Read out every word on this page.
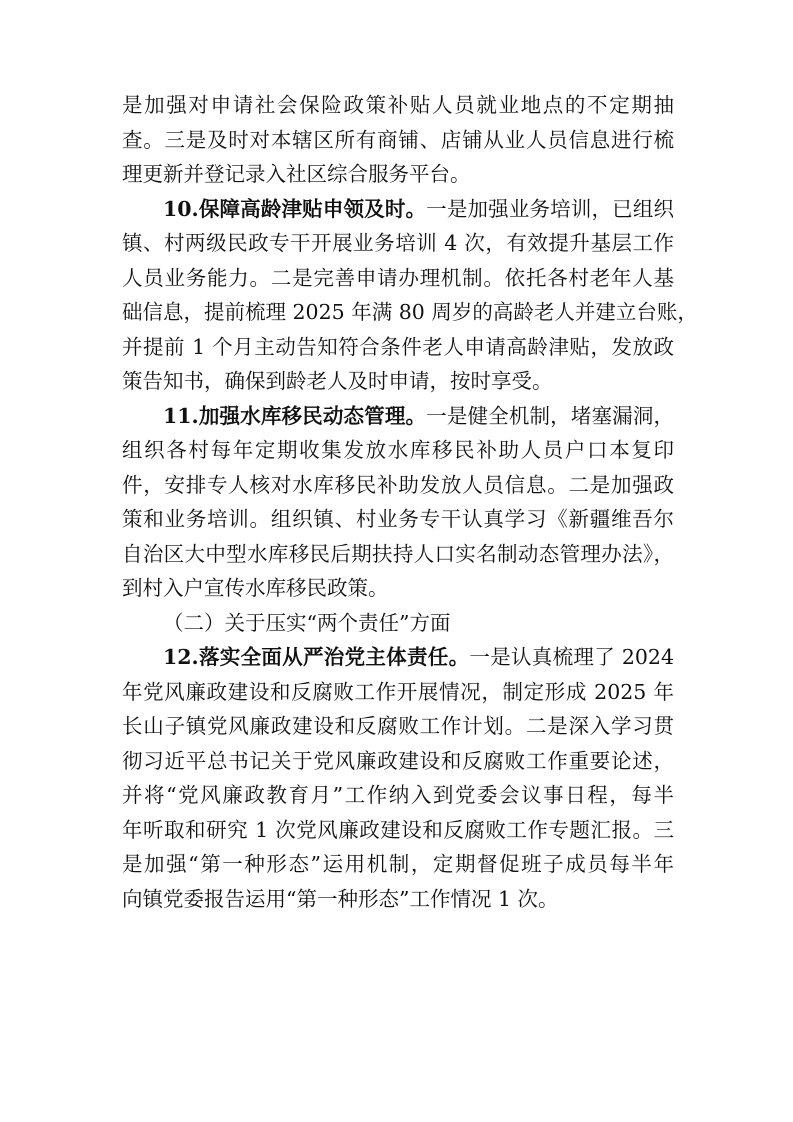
是加强对申请社会保险政策补贴人员就业地点的不定期抽
查。三是及时对本辖区所有商铺、店铺从业人员信息进行梳
理更新并登记录入社区综合服务平台。
10.保障高龄津贴申领及时。一是加强业务培训，已组织
镇、村两级民政专干开展业务培训 4 次，有效提升基层工作
人员业务能力。二是完善申请办理机制。依托各村老年人基
础信息，提前梳理 2025 年满 80 周岁的高龄老人并建立台账，
并提前 1 个月主动告知符合条件老人申请高龄津贴，发放政
策告知书，确保到龄老人及时申请，按时享受。
11.加强水库移民动态管理。一是健全机制，堵塞漏洞，
组织各村每年定期收集发放水库移民补助人员户口本复印
件，安排专人核对水库移民补助发放人员信息。二是加强政
策和业务培训。组织镇、村业务专干认真学习《新疆维吾尔
自治区大中型水库移民后期扶持人口实名制动态管理办法》，
到村入户宣传水库移民政策。
（二）关于压实“两个责任”方面
12.落实全面从严治党主体责任。一是认真梳理了 2024
年党风廉政建设和反腐败工作开展情况，制定形成 2025 年
长山子镇党风廉政建设和反腐败工作计划。二是深入学习贯
彻习近平总书记关于党风廉政建设和反腐败工作重要论述，
并将“党风廉政教育月”工作纳入到党委会议事日程，每半
年听取和研究 1 次党风廉政建设和反腐败工作专题汇报。三
是加强“第一种形态”运用机制，定期督促班子成员每半年
向镇党委报告运用“第一种形态”工作情况 1 次。
